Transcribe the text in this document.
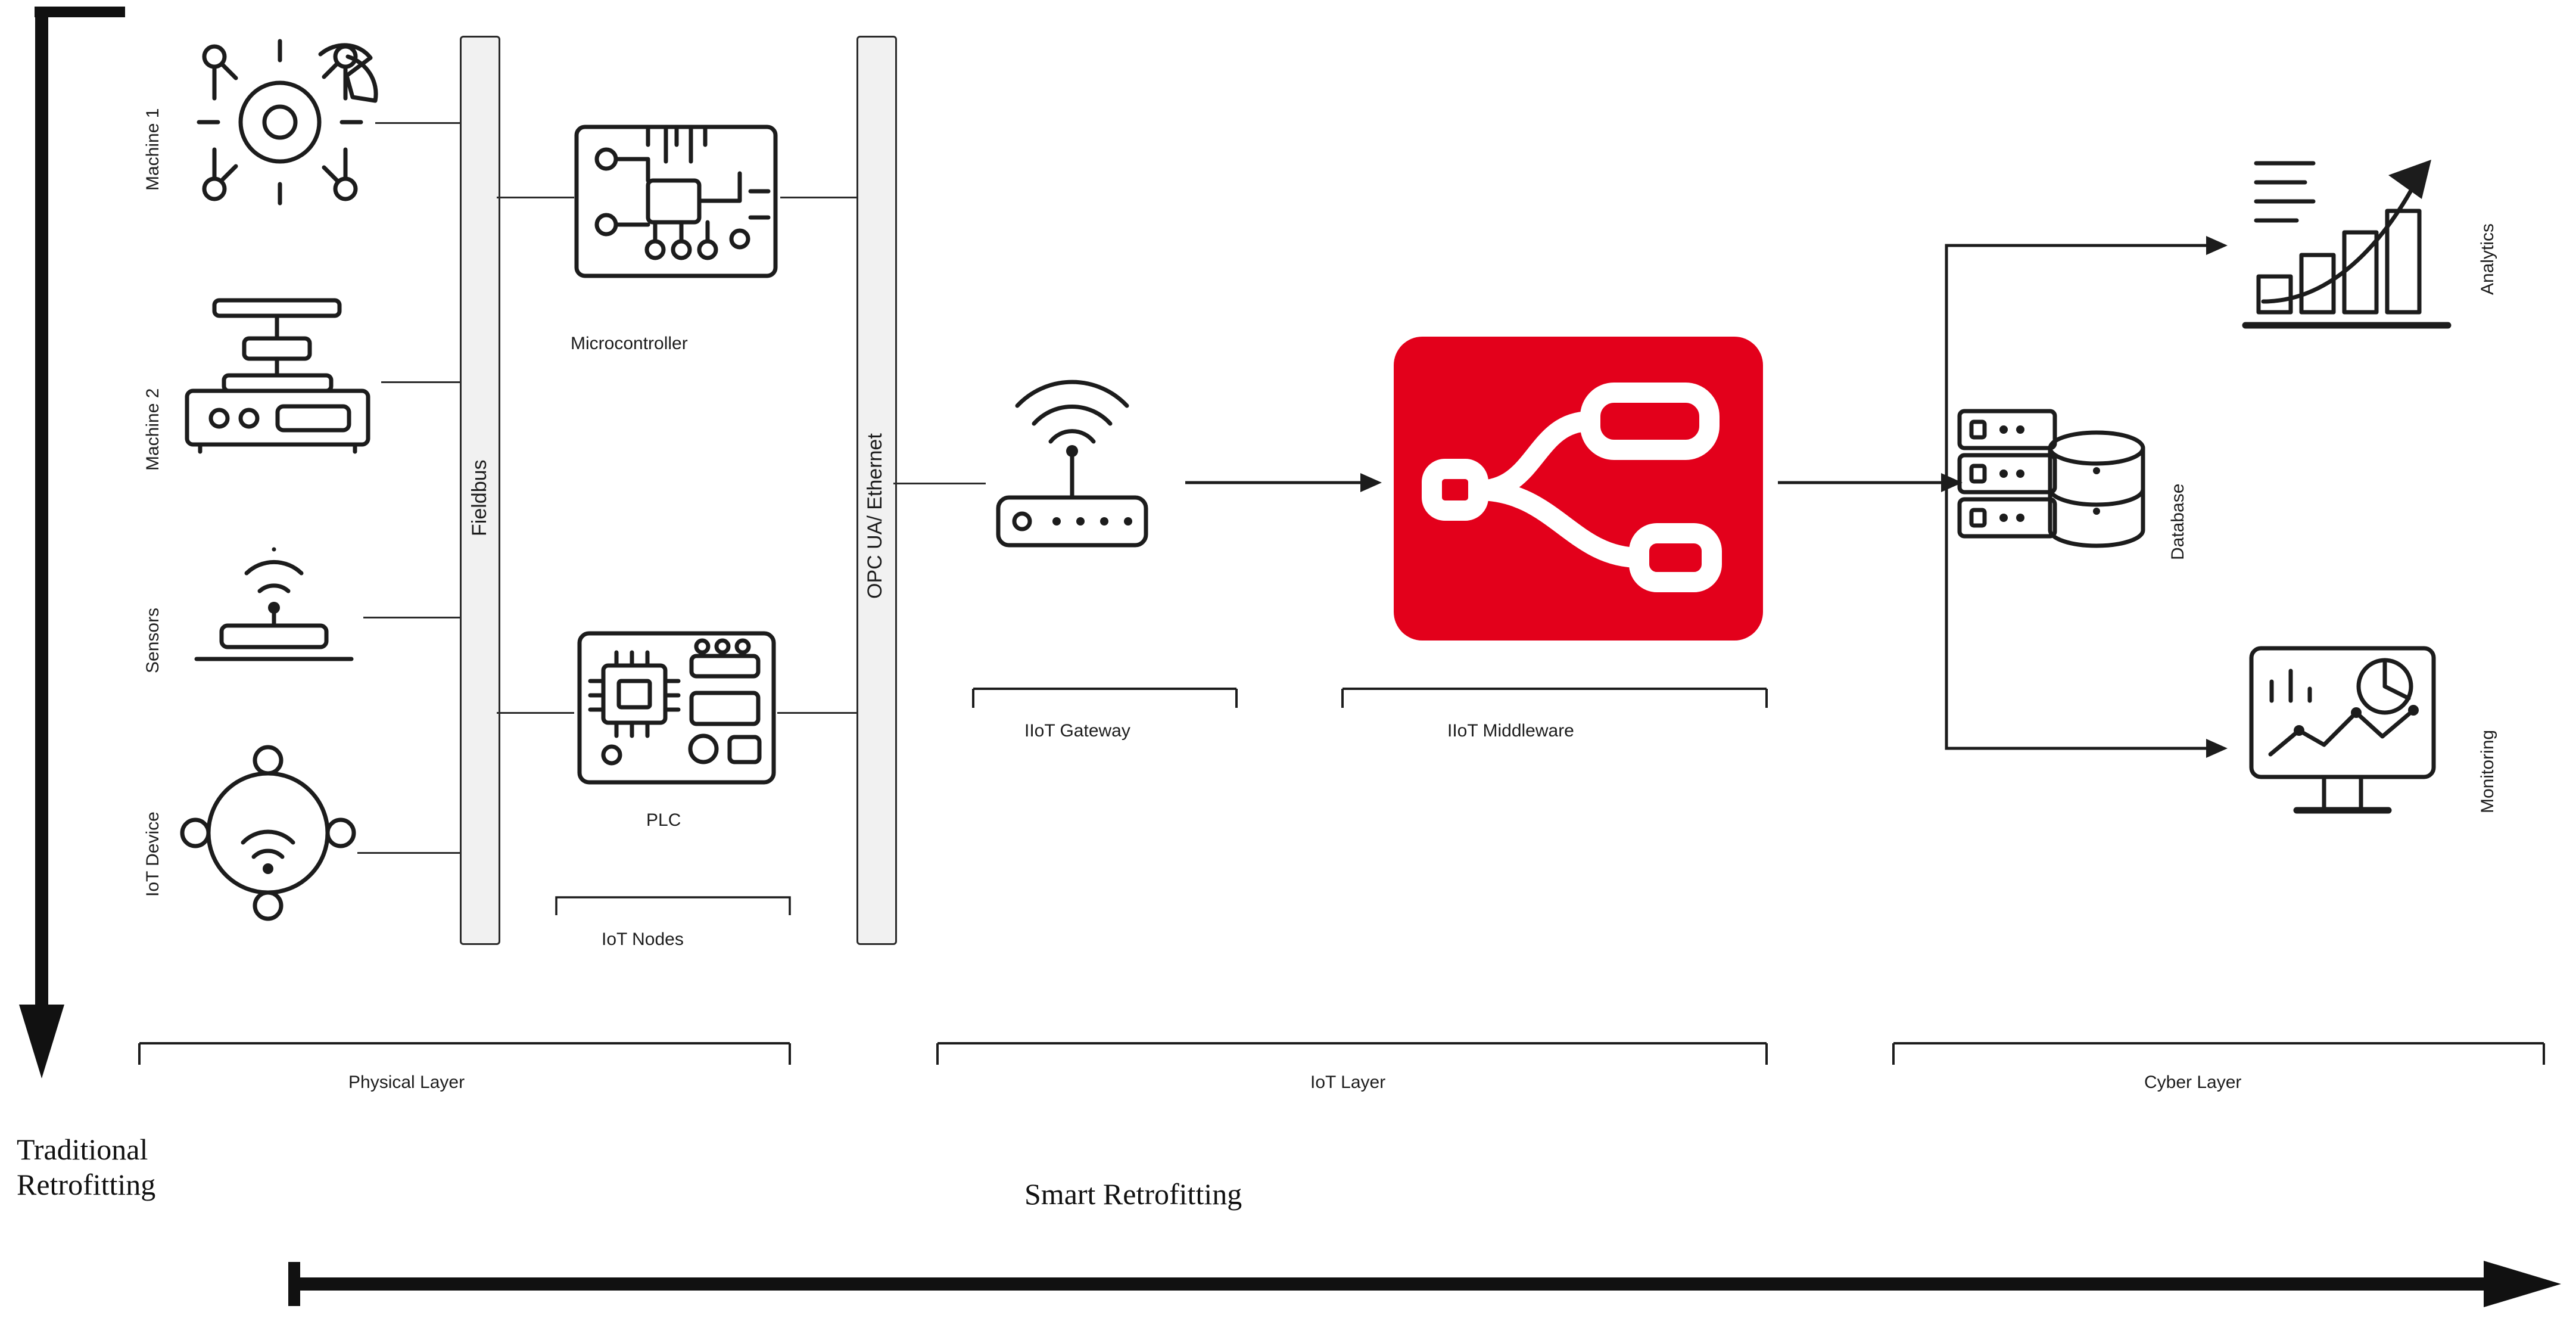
Machine 1
Machine 2
Sensors
IoT Device
Fieldbus
Microcontroller
PLC
IoT Nodes
OPC UA/ Ethernet	Database
Analytics
Monitoring
IIoT Gateway	IIoT Middleware
Physical Layer	IoT Layer	Cyber Layer
Traditional
Retrofitting	Smart Retrofitting
